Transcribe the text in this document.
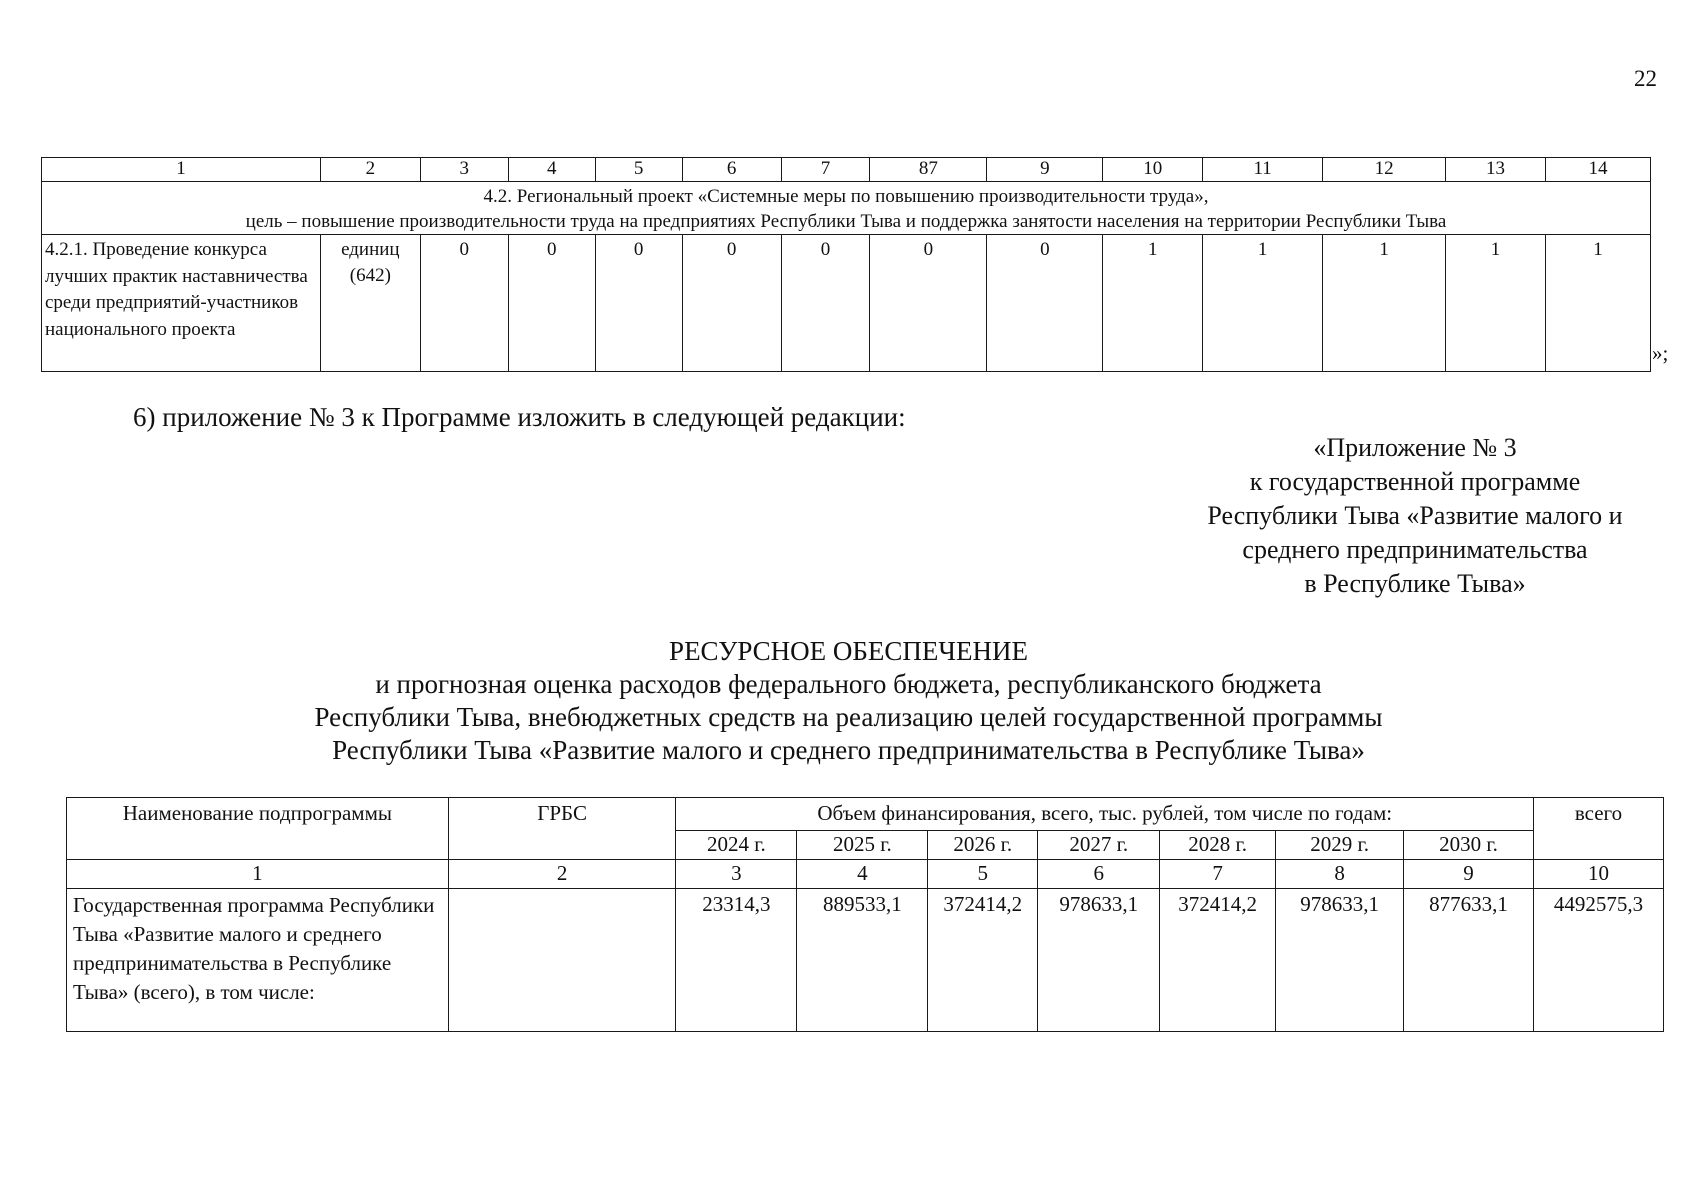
22
1	2	3	4	5	6	7	87	9	10	11	12	13	14

4.2. Региональный проект «Системные меры по повышению производительности труда»,
цель – повышение производительности труда на предприятиях Республики Тыва и поддержка занятости населения на территории Республики Тыва													

4.2.1. Проведение конкурса лучших практик наставничества среди предприятий-участников национального проекта	единиц (642)	0	0	0	0	0	0	0	1	1	1	1	1
»;
6) приложение № 3 к Программе изложить в следующей редакции:
«Приложение № 3
к государственной программе
Республики Тыва «Развитие малого и
среднего предпринимательства
в Республике Тыва»
РЕСУРСНОЕ ОБЕСПЕЧЕНИЕ
и прогнозная оценка расходов федерального бюджета, республиканского бюджета
Республики Тыва, внебюджетных средств на реализацию целей государственной программы
Республики Тыва «Развитие малого и среднего предпринимательства в Республике Тыва»
Наименование подпрограммы	ГРБС	Объем финансирования, всего, тыс. рублей, том числе по годам:							всего
		2024 г.	2025 г.	2026 г.	2027 г.	2028 г.	2029 г.	2030 г.	
1	2	3	4	5	6	7	8	9	10
Государственная программа Республики Тыва «Развитие малого и среднего предпринимательства в Республике Тыва» (всего), в том числе:		23314,3	889533,1	372414,2	978633,1	372414,2	978633,1	877633,1	4492575,3
